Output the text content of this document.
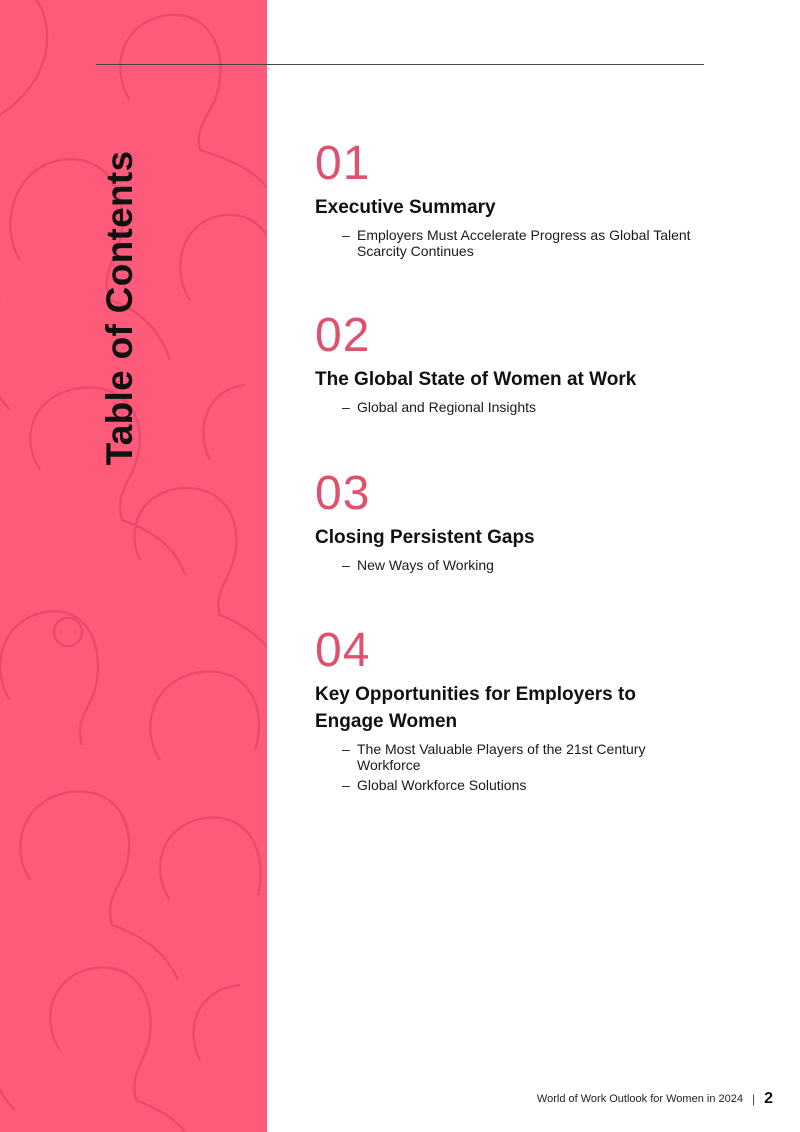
Table of Contents	01
Executive Summary
– Employers Must Accelerate Progress as Global Talent Scarcity Continues
02
The Global State of Women at Work
– Global and Regional Insights
03
Closing Persistent Gaps
– New Ways of Working
04
Key Opportunities for Employers to Engage Women
– The Most Valuable Players of the 21st Century Workforce
– Global Workforce Solutions
World of Work Outlook for Women in 2024 | 2
